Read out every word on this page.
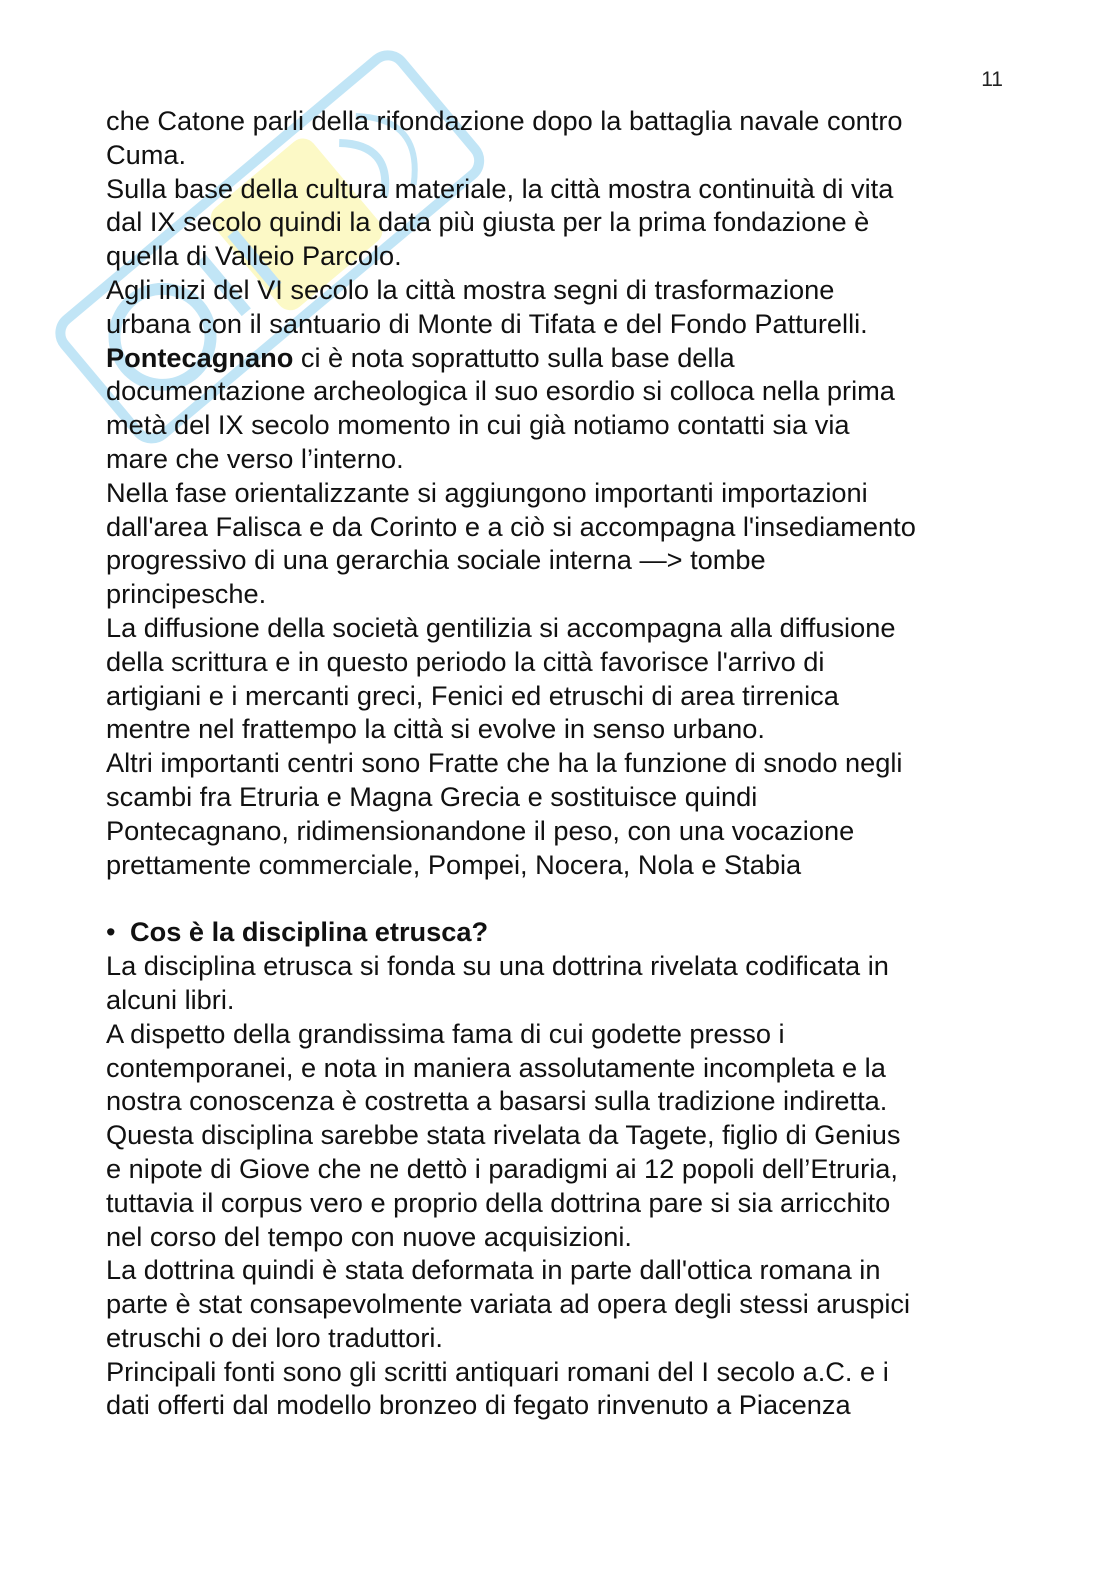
11

che Catone parli della rifondazione dopo la battaglia navale contro

Cuma.

Sulla base della cultura materiale, la città mostra continuità di vita

dal IX secolo quindi la data più giusta per la prima fondazione è

quella di Valleio Parcolo.

Agli inizi del VI secolo la città mostra segni di trasformazione

urbana con il santuario di Monte di Tifata e del Fondo Patturelli.

Pontecagnano ci è nota soprattutto sulla base della

documentazione archeologica il suo esordio si colloca nella prima

metà del IX secolo momento in cui già notiamo contatti sia via

mare che verso l’interno.

Nella fase orientalizzante si aggiungono importanti importazioni

dall'area Falisca e da Corinto e a ciò si accompagna l'insediamento

progressivo di una gerarchia sociale interna —> tombe

principesche.

La diffusione della società gentilizia si accompagna alla diffusione

della scrittura e in questo periodo la città favorisce l'arrivo di

artigiani e i mercanti greci, Fenici ed etruschi di area tirrenica

mentre nel frattempo la città si evolve in senso urbano.

Altri importanti centri sono Fratte che ha la funzione di snodo negli

scambi fra Etruria e Magna Grecia e sostituisce quindi

Pontecagnano, ridimensionandone il peso, con una vocazione

prettamente commerciale, Pompei, Nocera, Nola e Stabia

• Cos è la disciplina etrusca?

La disciplina etrusca si fonda su una dottrina rivelata codificata in

alcuni libri.

A dispetto della grandissima fama di cui godette presso i

contemporanei, e nota in maniera assolutamente incompleta e la

nostra conoscenza è costretta a basarsi sulla tradizione indiretta.

Questa disciplina sarebbe stata rivelata da Tagete, figlio di Genius

e nipote di Giove che ne dettò i paradigmi ai 12 popoli dell’Etruria,

tuttavia il corpus vero e proprio della dottrina pare si sia arricchito

nel corso del tempo con nuove acquisizioni.

La dottrina quindi è stata deformata in parte dall'ottica romana in

parte è stat consapevolmente variata ad opera degli stessi aruspici

etruschi o dei loro traduttori.

Principali fonti sono gli scritti antiquari romani del I secolo a.C. e i

dati offerti dal modello bronzeo di fegato rinvenuto a Piacenza
